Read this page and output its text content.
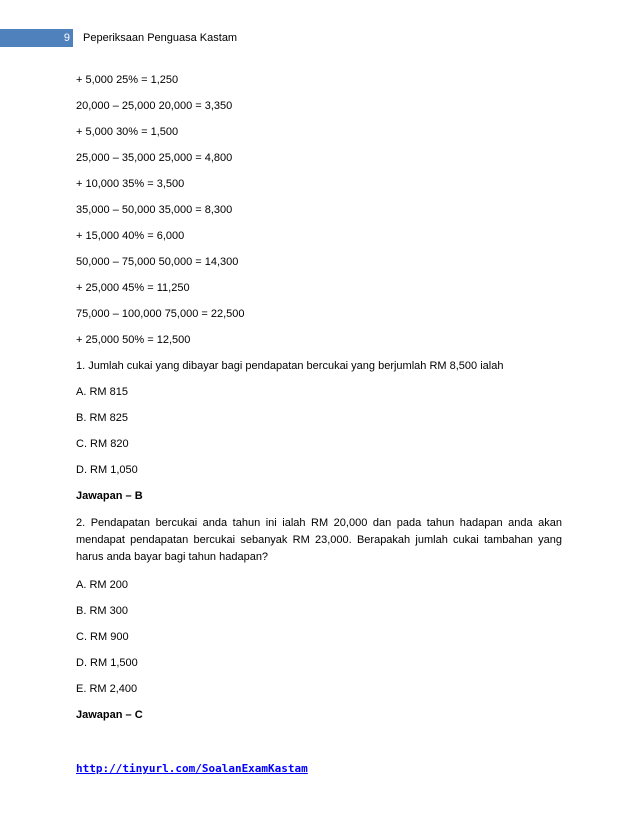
9 Peperiksaan Penguasa Kastam

+ 5,000 25% = 1,250

20,000 – 25,000 20,000 = 3,350

+ 5,000 30% = 1,500

25,000 – 35,000 25,000 = 4,800

+ 10,000 35% = 3,500

35,000 – 50,000 35,000 = 8,300

+ 15,000 40% = 6,000

50,000 – 75,000 50,000 = 14,300

+ 25,000 45% = 11,250

75,000 – 100,000 75,000 = 22,500

+ 25,000 50% = 12,500

1. Jumlah cukai yang dibayar bagi pendapatan bercukai yang berjumlah RM 8,500 ialah

A. RM 815

B. RM 825

C. RM 820

D. RM 1,050

Jawapan – B

2. Pendapatan bercukai anda tahun ini ialah RM 20,000 dan pada tahun hadapan anda akan mendapat pendapatan bercukai sebanyak RM 23,000. Berapakah jumlah cukai tambahan yang harus anda bayar bagi tahun hadapan?

A. RM 200

B. RM 300

C. RM 900

D. RM 1,500

E. RM 2,400

Jawapan – C

http://tinyurl.com/SoalanExamKastam
